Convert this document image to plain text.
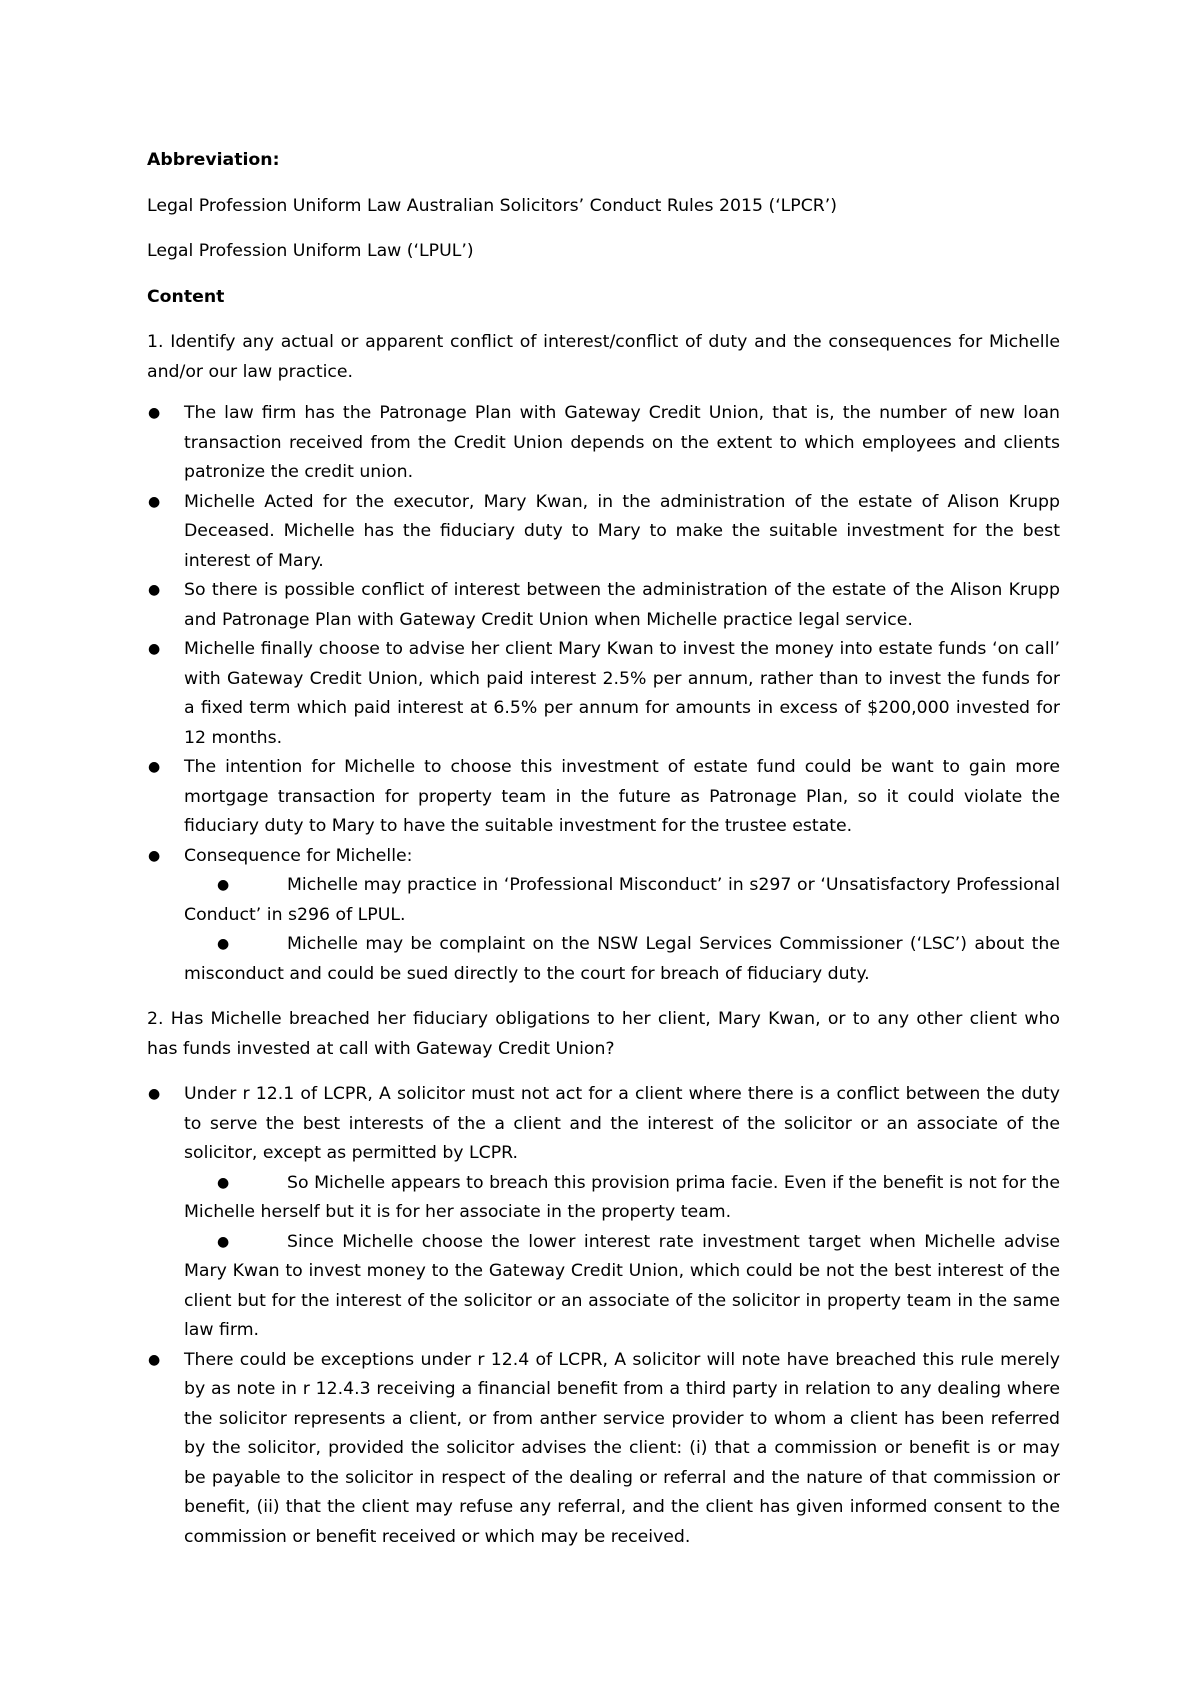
Abbreviation:

Legal Profession Uniform Law Australian Solicitors’ Conduct Rules 2015 (‘LPCR’)

Legal Profession Uniform Law (‘LPUL’)

Content

1. Identify any actual or apparent conflict of interest/conflict of duty and the consequences for Michelle and/or our law practice.

● The law firm has the Patronage Plan with Gateway Credit Union, that is, the number of new loan transaction received from the Credit Union depends on the extent to which employees and clients patronize the credit union.
● Michelle Acted for the executor, Mary Kwan, in the administration of the estate of Alison Krupp Deceased. Michelle has the fiduciary duty to Mary to make the suitable investment for the best interest of Mary.
● So there is possible conflict of interest between the administration of the estate of the Alison Krupp and Patronage Plan with Gateway Credit Union when Michelle practice legal service.
● Michelle finally choose to advise her client Mary Kwan to invest the money into estate funds ‘on call’ with Gateway Credit Union, which paid interest 2.5% per annum, rather than to invest the funds for a fixed term which paid interest at 6.5% per annum for amounts in excess of $200,000 invested for 12 months.
● The intention for Michelle to choose this investment of estate fund could be want to gain more mortgage transaction for property team in the future as Patronage Plan, so it could violate the fiduciary duty to Mary to have the suitable investment for the trustee estate.
● Consequence for Michelle:
●	Michelle may practice in ‘Professional Misconduct’ in s297 or ‘Unsatisfactory Professional Conduct’ in s296 of LPUL.
●	Michelle may be complaint on the NSW Legal Services Commissioner (‘LSC’) about the misconduct and could be sued directly to the court for breach of fiduciary duty.

2. Has Michelle breached her fiduciary obligations to her client, Mary Kwan, or to any other client who has funds invested at call with Gateway Credit Union?

● Under r 12.1 of LCPR, A solicitor must not act for a client where there is a conflict between the duty to serve the best interests of the a client and the interest of the solicitor or an associate of the solicitor, except as permitted by LCPR.
●	So Michelle appears to breach this provision prima facie. Even if the benefit is not for the Michelle herself but it is for her associate in the property team.
●	Since Michelle choose the lower interest rate investment target when Michelle advise Mary Kwan to invest money to the Gateway Credit Union, which could be not the best interest of the client but for the interest of the solicitor or an associate of the solicitor in property team in the same law firm.
● There could be exceptions under r 12.4 of LCPR, A solicitor will note have breached this rule merely by as note in r 12.4.3 receiving a financial benefit from a third party in relation to any dealing where the solicitor represents a client, or from anther service provider to whom a client has been referred by the solicitor, provided the solicitor advises the client: (i) that a commission or benefit is or may be payable to the solicitor in respect of the dealing or referral and the nature of that commission or benefit, (ii) that the client may refuse any referral, and the client has given informed consent to the commission or benefit received or which may be received.
